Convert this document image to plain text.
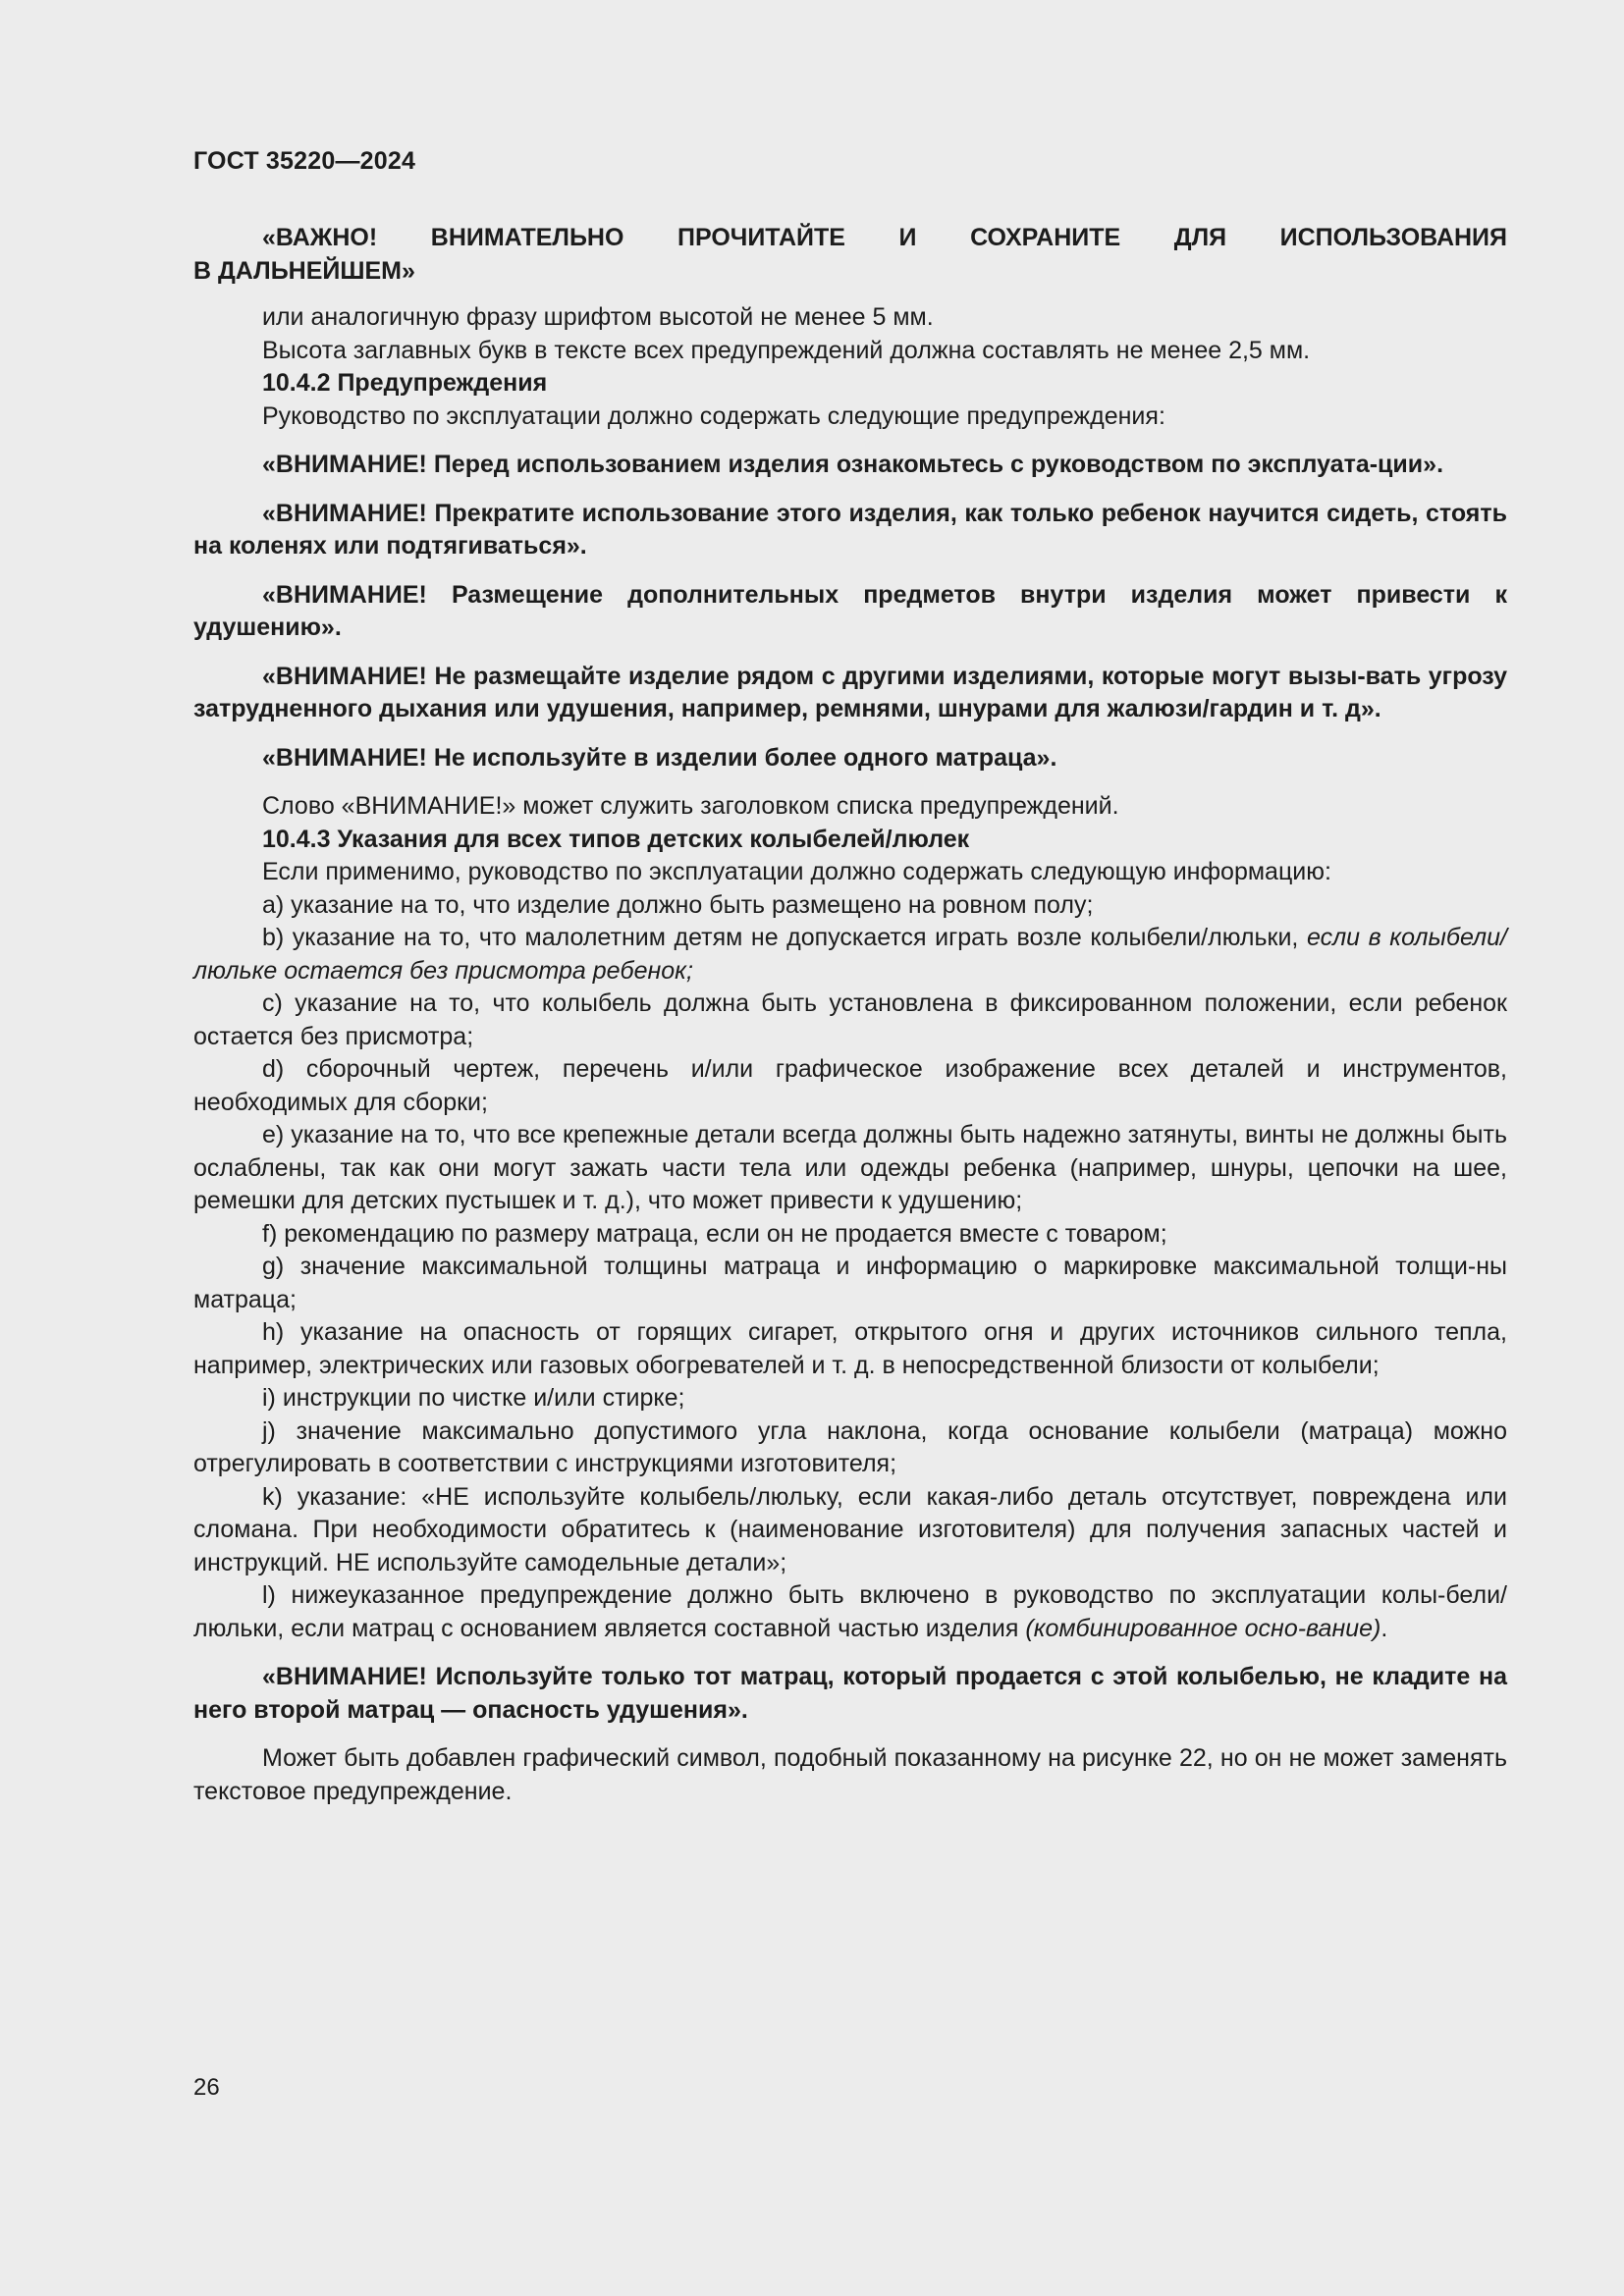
ГОСТ 35220—2024

«ВАЖНО! ВНИМАТЕЛЬНО ПРОЧИТАЙТЕ И СОХРАНИТЕ ДЛЯ ИСПОЛЬЗОВАНИЯ

В ДАЛЬНЕЙШЕМ»

или аналогичную фразу шрифтом высотой не менее 5 мм.

Высота заглавных букв в тексте всех предупреждений должна составлять не менее 2,5 мм.

10.4.2 Предупреждения

Руководство по эксплуатации должно содержать следующие предупреждения:

«ВНИМАНИЕ! Перед использованием изделия ознакомьтесь с руководством по эксплуата-ции».

«ВНИМАНИЕ! Прекратите использование этого изделия, как только ребенок научится сидеть, стоять на коленях или подтягиваться».

«ВНИМАНИЕ! Размещение дополнительных предметов внутри изделия может привести к удушению».

«ВНИМАНИЕ! Не размещайте изделие рядом с другими изделиями, которые могут вызы-вать угрозу затрудненного дыхания или удушения, например, ремнями, шнурами для жалюзи/гардин и т. д».

«ВНИМАНИЕ! Не используйте в изделии более одного матраца».

Слово «ВНИМАНИЕ!» может служить заголовком списка предупреждений.

10.4.3 Указания для всех типов детских колыбелей/люлек

Если применимо, руководство по эксплуатации должно содержать следующую информацию:

a) указание на то, что изделие должно быть размещено на ровном полу;

b) указание на то, что малолетним детям не допускается играть возле колыбели/люльки, если в колыбели/люльке остается без присмотра ребенок;

c) указание на то, что колыбель должна быть установлена в фиксированном положении, если ребенок остается без присмотра;

d) сборочный чертеж, перечень и/или графическое изображение всех деталей и инструментов, необходимых для сборки;

e) указание на то, что все крепежные детали всегда должны быть надежно затянуты, винты не должны быть ослаблены, так как они могут зажать части тела или одежды ребенка (например, шнуры, цепочки на шее, ремешки для детских пустышек и т. д.), что может привести к удушению;

f) рекомендацию по размеру матраца, если он не продается вместе с товаром;

g) значение максимальной толщины матраца и информацию о маркировке максимальной толщи-ны матраца;

h) указание на опасность от горящих сигарет, открытого огня и других источников сильного тепла, например, электрических или газовых обогревателей и т. д. в непосредственной близости от колыбели;

i) инструкции по чистке и/или стирке;

j) значение максимально допустимого угла наклона, когда основание колыбели (матраца) можно отрегулировать в соответствии с инструкциями изготовителя;

k) указание: «НЕ используйте колыбель/люльку, если какая-либо деталь отсутствует, повреждена или сломана. При необходимости обратитесь к (наименование изготовителя) для получения запасных частей и инструкций. НЕ используйте самодельные детали»;

l) нижеуказанное предупреждение должно быть включено в руководство по эксплуатации колы-бели/люльки, если матрац с основанием является составной частью изделия (комбинированное осно-вание).

«ВНИМАНИЕ! Используйте только тот матрац, который продается с этой колыбелью, не кладите на него второй матрац — опасность удушения».

Может быть добавлен графический символ, подобный показанному на рисунке 22, но он не может заменять текстовое предупреждение.

26
